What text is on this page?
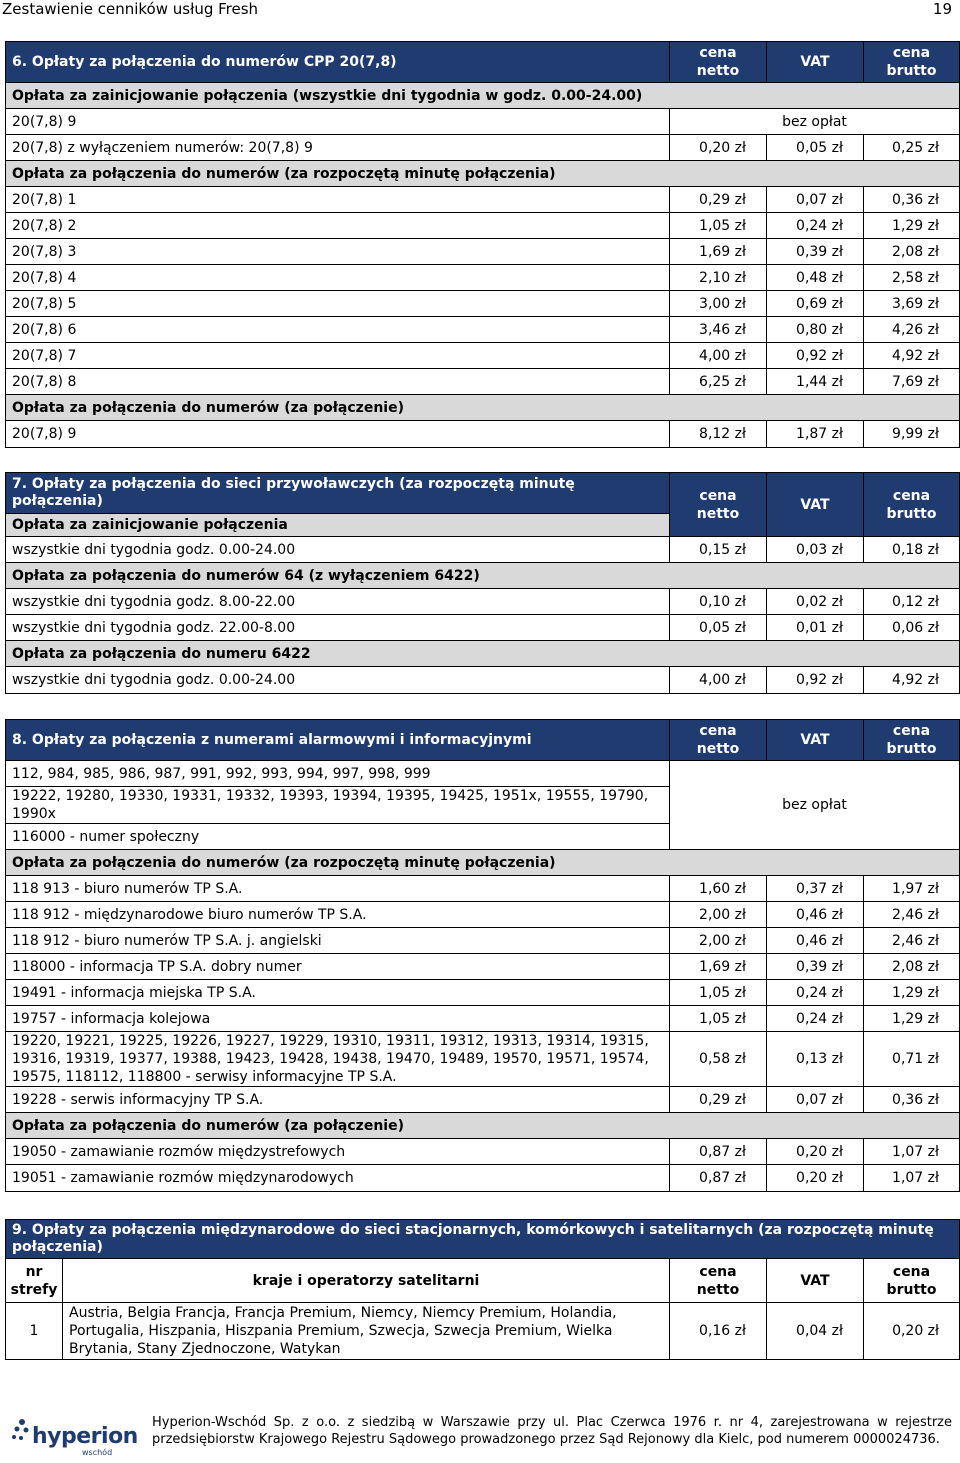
Zestawienie cenników usług Fresh	19
6. Opłaty za połączenia do numerów CPP 20(7,8)	cena netto	VAT	cena brutto
Opłata za zainicjowanie połączenia (wszystkie dni tygodnia w godz. 0.00-24.00)			
20(7,8) 9	bez opłat		
20(7,8) z wyłączeniem numerów: 20(7,8) 9	0,20 zł	0,05 zł	0,25 zł
Opłata za połączenia do numerów (za rozpoczętą minutę połączenia)			
20(7,8) 1	0,29 zł	0,07 zł	0,36 zł
20(7,8) 2	1,05 zł	0,24 zł	1,29 zł
20(7,8) 3	1,69 zł	0,39 zł	2,08 zł
20(7,8) 4	2,10 zł	0,48 zł	2,58 zł
20(7,8) 5	3,00 zł	0,69 zł	3,69 zł
20(7,8) 6	3,46 zł	0,80 zł	4,26 zł
20(7,8) 7	4,00 zł	0,92 zł	4,92 zł
20(7,8) 8	6,25 zł	1,44 zł	7,69 zł
Opłata za połączenia do numerów (za połączenie)			
20(7,8) 9	8,12 zł	1,87 zł	9,99 zł
7. Opłaty za połączenia do sieci przywoławczych (za rozpoczętą minutę połączenia)	cena netto	VAT	cena brutto
Opłata za zainicjowanie połączenia			
wszystkie dni tygodnia godz. 0.00-24.00	0,15 zł	0,03 zł	0,18 zł
Opłata za połączenia do numerów 64 (z wyłączeniem 6422)			
wszystkie dni tygodnia godz. 8.00-22.00	0,10 zł	0,02 zł	0,12 zł
wszystkie dni tygodnia godz. 22.00-8.00	0,05 zł	0,01 zł	0,06 zł
Opłata za połączenia do numeru 6422			
wszystkie dni tygodnia godz. 0.00-24.00	4,00 zł	0,92 zł	4,92 zł
8. Opłaty za połączenia z numerami alarmowymi i informacyjnymi	cena netto	VAT	cena brutto
112, 984, 985, 986, 987, 991, 992, 993, 994, 997, 998, 999	bez opłat		
19222, 19280, 19330, 19331, 19332, 19393, 19394, 19395, 19425, 1951x, 19555, 19790, 1990x			
116000 - numer społeczny			
Opłata za połączenia do numerów (za rozpoczętą minutę połączenia)			
118 913 - biuro numerów TP S.A.	1,60 zł	0,37 zł	1,97 zł
118 912 - międzynarodowe biuro numerów TP S.A.	2,00 zł	0,46 zł	2,46 zł
118 912 - biuro numerów TP S.A. j. angielski	2,00 zł	0,46 zł	2,46 zł
118000 - informacja TP S.A. dobry numer	1,69 zł	0,39 zł	2,08 zł
19491 - informacja miejska TP S.A.	1,05 zł	0,24 zł	1,29 zł
19757 - informacja kolejowa	1,05 zł	0,24 zł	1,29 zł
19220, 19221, 19225, 19226, 19227, 19229, 19310, 19311, 19312, 19313, 19314, 19315, 19316, 19319, 19377, 19388, 19423, 19428, 19438, 19470, 19489, 19570, 19571, 19574, 19575, 118112, 118800 - serwisy informacyjne TP S.A.	0,58 zł	0,13 zł	0,71 zł
19228 - serwis informacyjny TP S.A.	0,29 zł	0,07 zł	0,36 zł
Opłata za połączenia do numerów (za połączenie)			
19050 - zamawianie rozmów międzystrefowych	0,87 zł	0,20 zł	1,07 zł
19051 - zamawianie rozmów międzynarodowych	0,87 zł	0,20 zł	1,07 zł
9. Opłaty za połączenia międzynarodowe do sieci stacjonarnych, komórkowych i satelitarnych (za rozpoczętą minutę połączenia)				
nr strefy	kraje i operatorzy satelitarni	cena netto	VAT	cena brutto
1	Austria, Belgia Francja, Francja Premium, Niemcy, Niemcy Premium, Holandia, Portugalia, Hiszpania, Hiszpania Premium, Szwecja, Szwecja Premium, Wielka Brytania, Stany Zjednoczone, Watykan	0,16 zł	0,04 zł	0,20 zł
hyperion
wschód
Hyperion-Wschód Sp. z o.o. z siedzibą w Warszawie przy ul. Plac Czerwca 1976 r. nr 4, zarejestrowana w rejestrze przedsiębiorstw Krajowego Rejestru Sądowego prowadzonego przez Sąd Rejonowy dla Kielc, pod numerem 0000024736.
